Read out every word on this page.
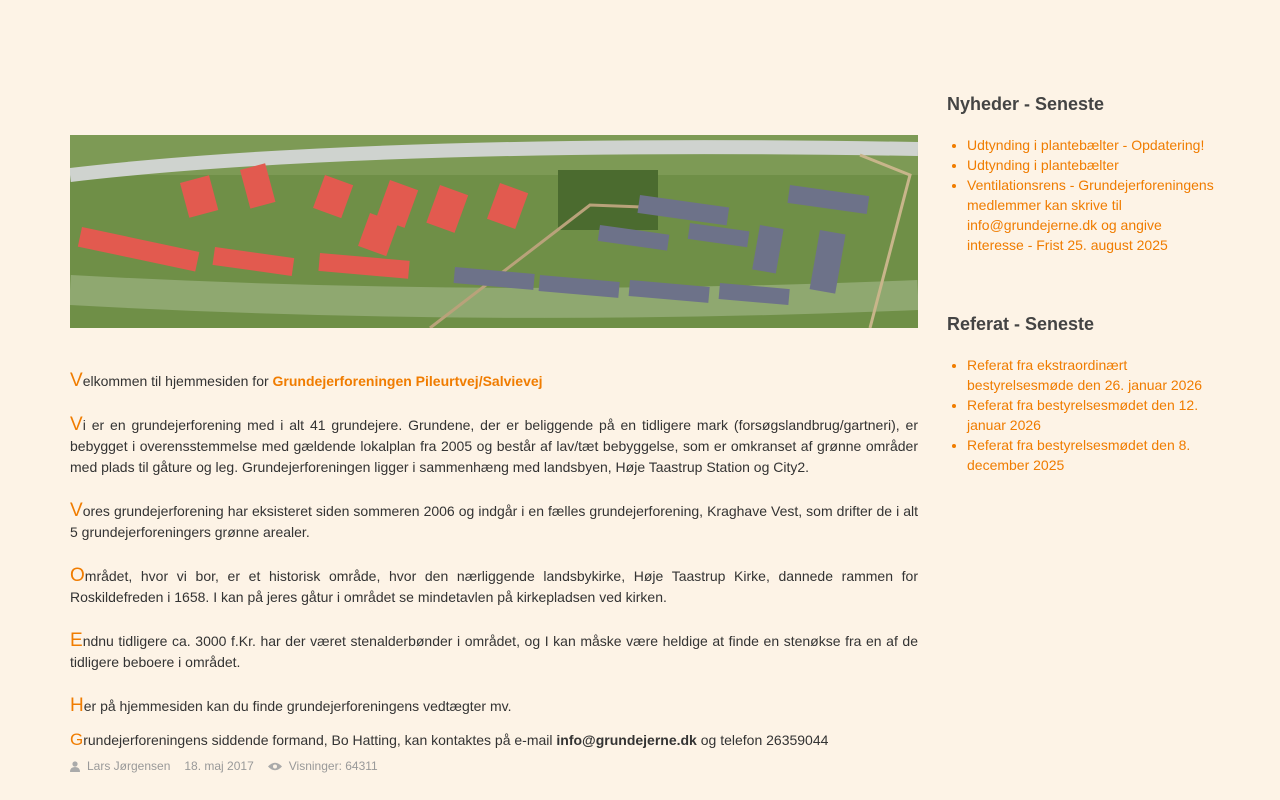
Velkommen til hjemmesiden for Grundejerforeningen Pileurtvej/Salvievej

Vi er en grundejerforening med i alt 41 grundejere. Grundene, der er beliggende på en tidligere mark (forsøgslandbrug/gartneri), er bebygget i overensstemmelse med gældende lokalplan fra 2005 og består af lav/tæt bebyggelse, som er omkranset af grønne områder med plads til gåture og leg. Grundejerforeningen ligger i sammenhæng med landsbyen, Høje Taastrup Station og City2.

Vores grundejerforening har eksisteret siden sommeren 2006 og indgår i en fælles grundejerforening, Kraghave Vest, som drifter de i alt 5 grundejerforeningers grønne arealer.

Området, hvor vi bor, er et historisk område, hvor den nærliggende landsbykirke, Høje Taastrup Kirke, dannede rammen for Roskildefreden i 1658. I kan på jeres gåtur i området se mindetavlen på kirkepladsen ved kirken.

Endnu tidligere ca. 3000 f.Kr. har der været stenalderbønder i området, og I kan måske være heldige at finde en stenøkse fra en af de tidligere beboere i området.

Her på hjemmesiden kan du finde grundejerforeningens vedtægter mv.

Grundejerforeningens siddende formand, Bo Hatting, kan kontaktes på e-mail info@grundejerne.dk og telefon 26359044

Lars Jørgensen 18. maj 2017	Visninger: 64311
Nyheder - Seneste
• Udtynding i plantebælter - Opdatering!
• Udtynding i plantebælter
• Ventilationsrens - Grundejerforeningens medlemmer kan skrive til info@grundejerne.dk og angive interesse - Frist 25. august 2025
Referat - Seneste
• Referat fra ekstraordinært bestyrelsesmøde den 26. januar 2026
• Referat fra bestyrelsesmødet den 12. januar 2026
• Referat fra bestyrelsesmødet den 8. december 2025
